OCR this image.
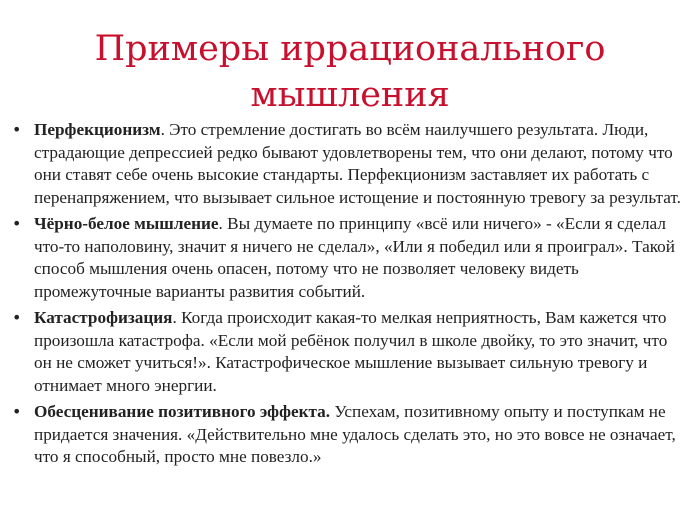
Примеры иррационального
мышления
• Перфекционизм. Это стремление достигать во всём наилучшего результата. Люди, страдающие депрессией редко бывают удовлетворены тем, что они делают, потому что они ставят себе очень высокие стандарты. Перфекционизм заставляет их работать с перенапряжением, что вызывает сильное истощение и постоянную тревогу за результат.
• Чёрно-белое мышление. Вы думаете по принципу «всё или ничего» - «Если я сделал что-то наполовину, значит я ничего не сделал», «Или я победил или я проиграл». Такой способ мышления очень опасен, потому что не позволяет человеку видеть промежуточные варианты развития событий.
• Катастрофизация. Когда происходит какая-то мелкая неприятность, Вам кажется что произошла катастрофа. «Если мой ребёнок получил в школе двойку, то это значит, что он не сможет учиться!». Катастрофическое мышление вызывает сильную тревогу и отнимает много энергии.
• Обесценивание позитивного эффекта. Успехам, позитивному опыту и поступкам не придается значения. «Действительно мне удалось сделать это, но это вовсе не означает, что я способный, просто мне повезло.»
